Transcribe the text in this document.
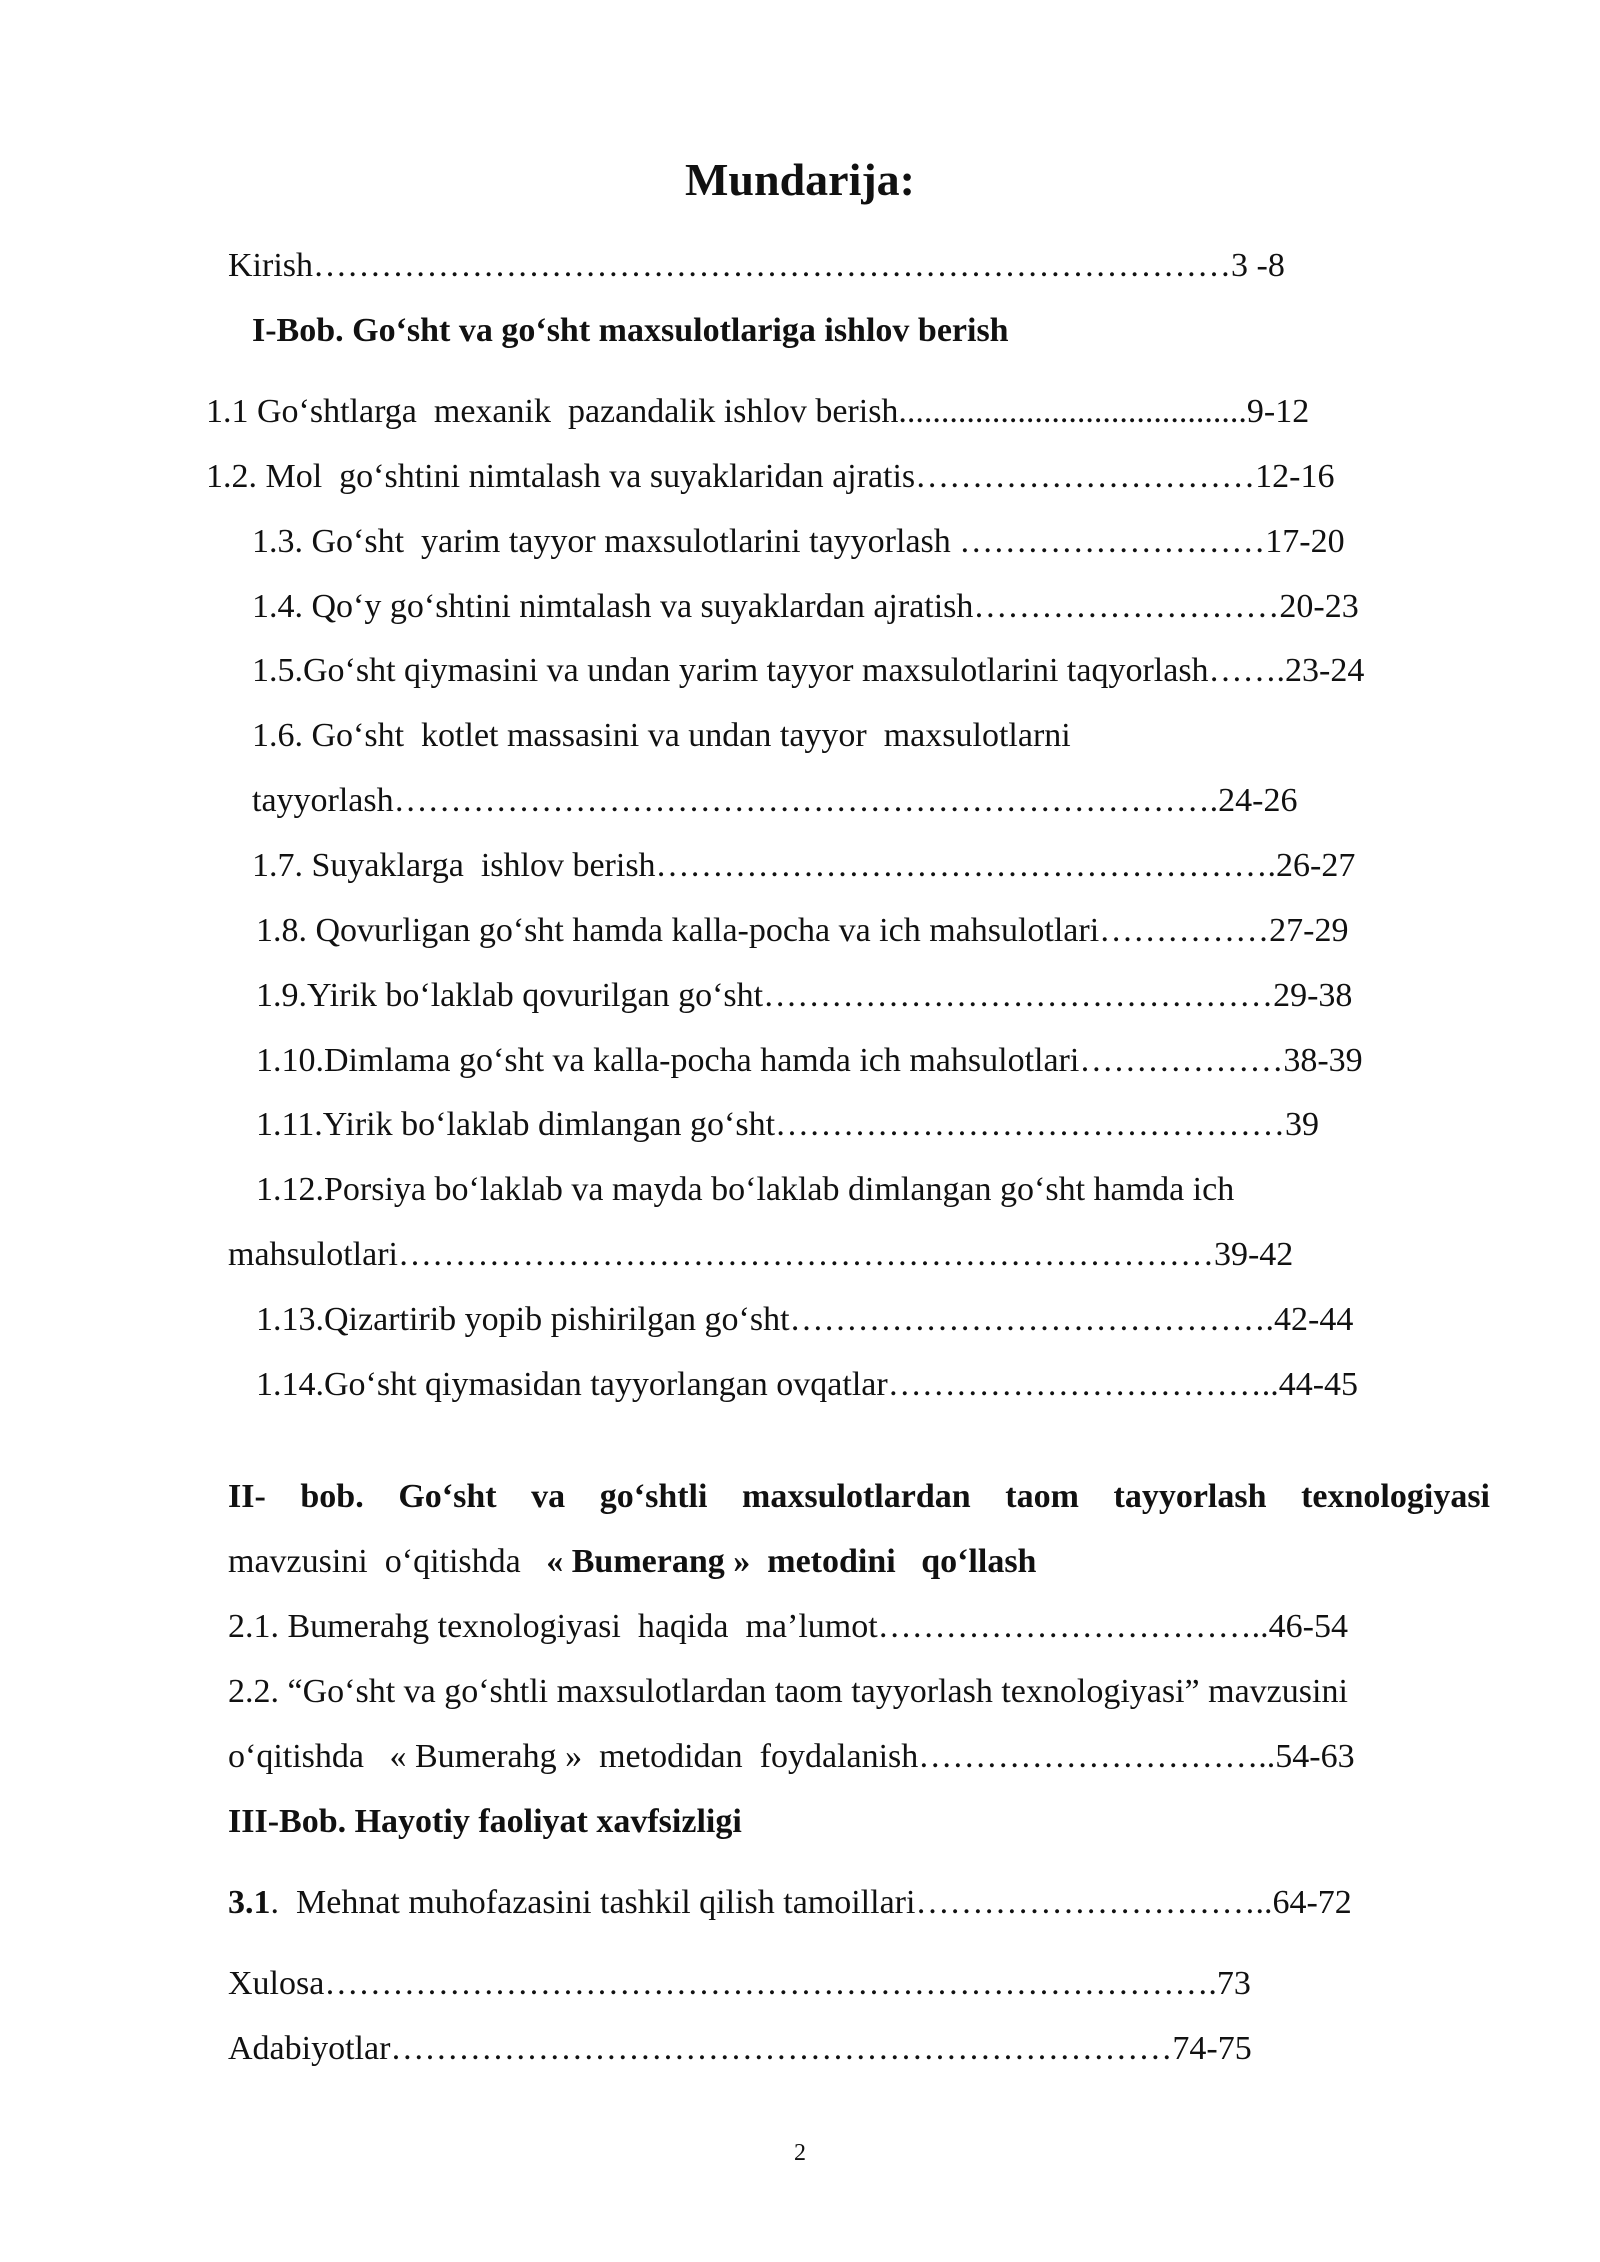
Mundarija:
Kirish………………………………………………………………………3 -8
I-Bob. Go‘sht va go‘sht maxsulotlariga ishlov berish
1.1 Go‘shtlarga  mexanik  pazandalik ishlov berish.........................................9-12
1.2. Mol  go‘shtini nimtalash va suyaklaridan ajratis…………………………12-16
1.3. Go‘sht  yarim tayyor maxsulotlarini tayyorlash ………………………17-20
1.4. Qo‘y go‘shtini nimtalash va suyaklardan ajratish………………………20-23
1.5.Go‘sht qiymasini va undan yarim tayyor maxsulotlarini taqyorlash…….23-24
1.6. Go‘sht  kotlet massasini va undan tayyor  maxsulotlarni
tayyorlash……………………………………………………………….24-26
1.7. Suyaklarga  ishlov berish……………………………………………….26-27
1.8. Qovurligan go‘sht hamda kalla-pocha va ich mahsulotlari……………27-29
1.9.Yirik bo‘laklab qovurilgan go‘sht………………………………………29-38
1.10.Dimlama go‘sht va kalla-pocha hamda ich mahsulotlari………………38-39
1.11.Yirik bo‘laklab dimlangan go‘sht………………………………………39
1.12.Porsiya bo‘laklab va mayda bo‘laklab dimlangan go‘sht hamda ich
mahsulotlari………………………………………………………………39-42
1.13.Qizartirib yopib pishirilgan go‘sht…………………………………….42-44
1.14.Go‘sht qiymasidan tayyorlangan ovqatlar……………………………..44-45
II- bob. Go‘sht va go‘shtli maxsulotlardan taom tayyorlash texnologiyasi
mavzusini  o‘qitishda   « Bumerang »  metodini   qo‘llash
2.1. Bumerahg texnologiyasi  haqida  ma’lumot……………………………..46-54
2.2. “Go‘sht va go‘shtli maxsulotlardan taom tayyorlash texnologiyasi” mavzusini
o‘qitishda   « Bumerahg »  metodidan  foydalanish…………………………..54-63
III-Bob. Hayotiy faoliyat xavfsizligi
3.1.  Mehnat muhofazasini tashkil qilish tamoillari…………………………..64-72
Xulosa…………………………………………………………………….73
Adabiyotlar……………………………………………………………74-75
2
